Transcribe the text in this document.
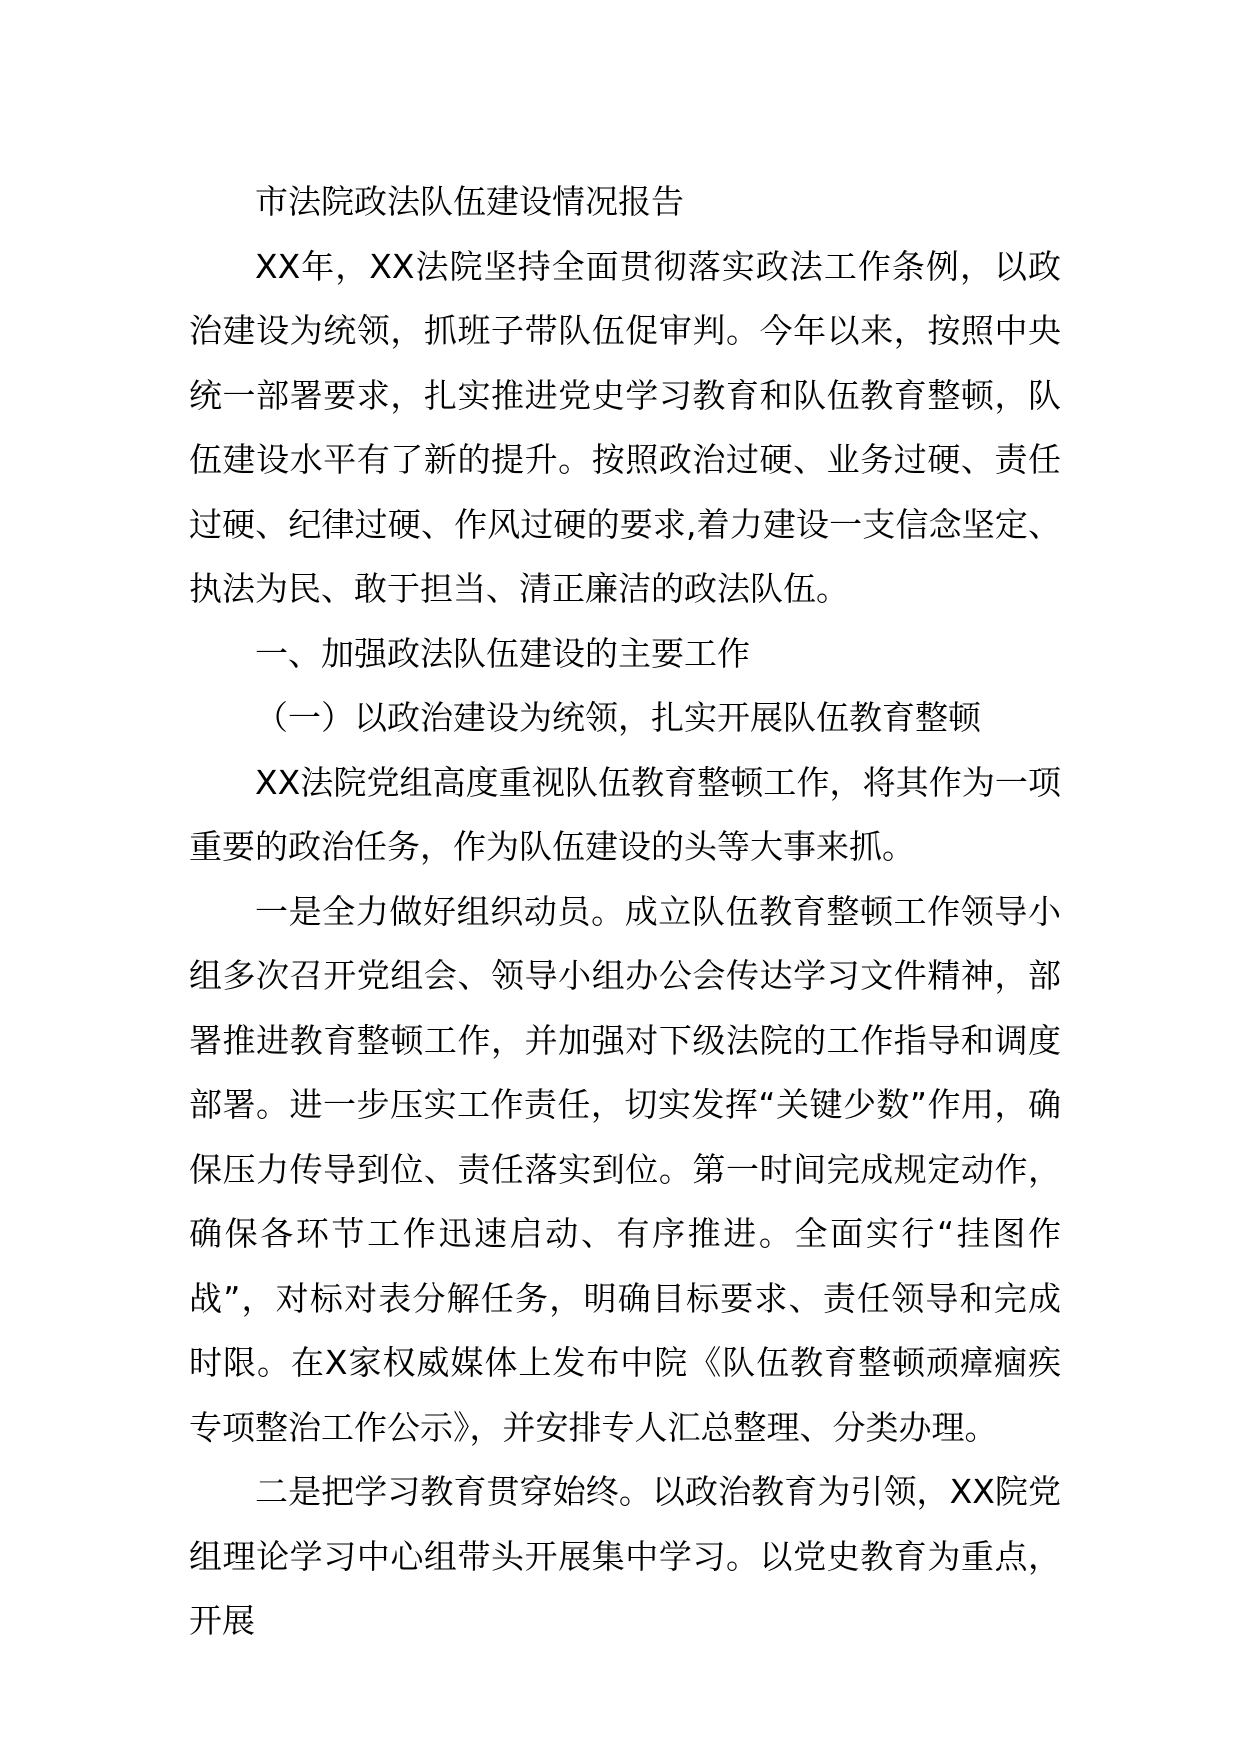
市法院政法队伍建设情况报告

XX年，XX法院坚持全面贯彻落实政法工作条例，以政治建设为统领，抓班子带队伍促审判。今年以来，按照中央统一部署要求，扎实推进党史学习教育和队伍教育整顿，队伍建设水平有了新的提升。按照政治过硬、业务过硬、责任过硬、纪律过硬、作风过硬的要求,着力建设一支信念坚定、执法为民、敢于担当、清正廉洁的政法队伍。

一、加强政法队伍建设的主要工作

（一）以政治建设为统领，扎实开展队伍教育整顿

XX法院党组高度重视队伍教育整顿工作，将其作为一项重要的政治任务，作为队伍建设的头等大事来抓。

一是全力做好组织动员。成立队伍教育整顿工作领导小组多次召开党组会、领导小组办公会传达学习文件精神，部署推进教育整顿工作，并加强对下级法院的工作指导和调度部署。进一步压实工作责任，切实发挥“关键少数”作用，确保压力传导到位、责任落实到位。第一时间完成规定动作，确保各环节工作迅速启动、有序推进。全面实行“挂图作战”，对标对表分解任务，明确目标要求、责任领导和完成时限。在X家权威媒体上发布中院《队伍教育整顿顽瘴痼疾专项整治工作公示》，并安排专人汇总整理、分类办理。

二是把学习教育贯穿始终。以政治教育为引领，XX院党组理论学习中心组带头开展集中学习。以党史教育为重点，开展
